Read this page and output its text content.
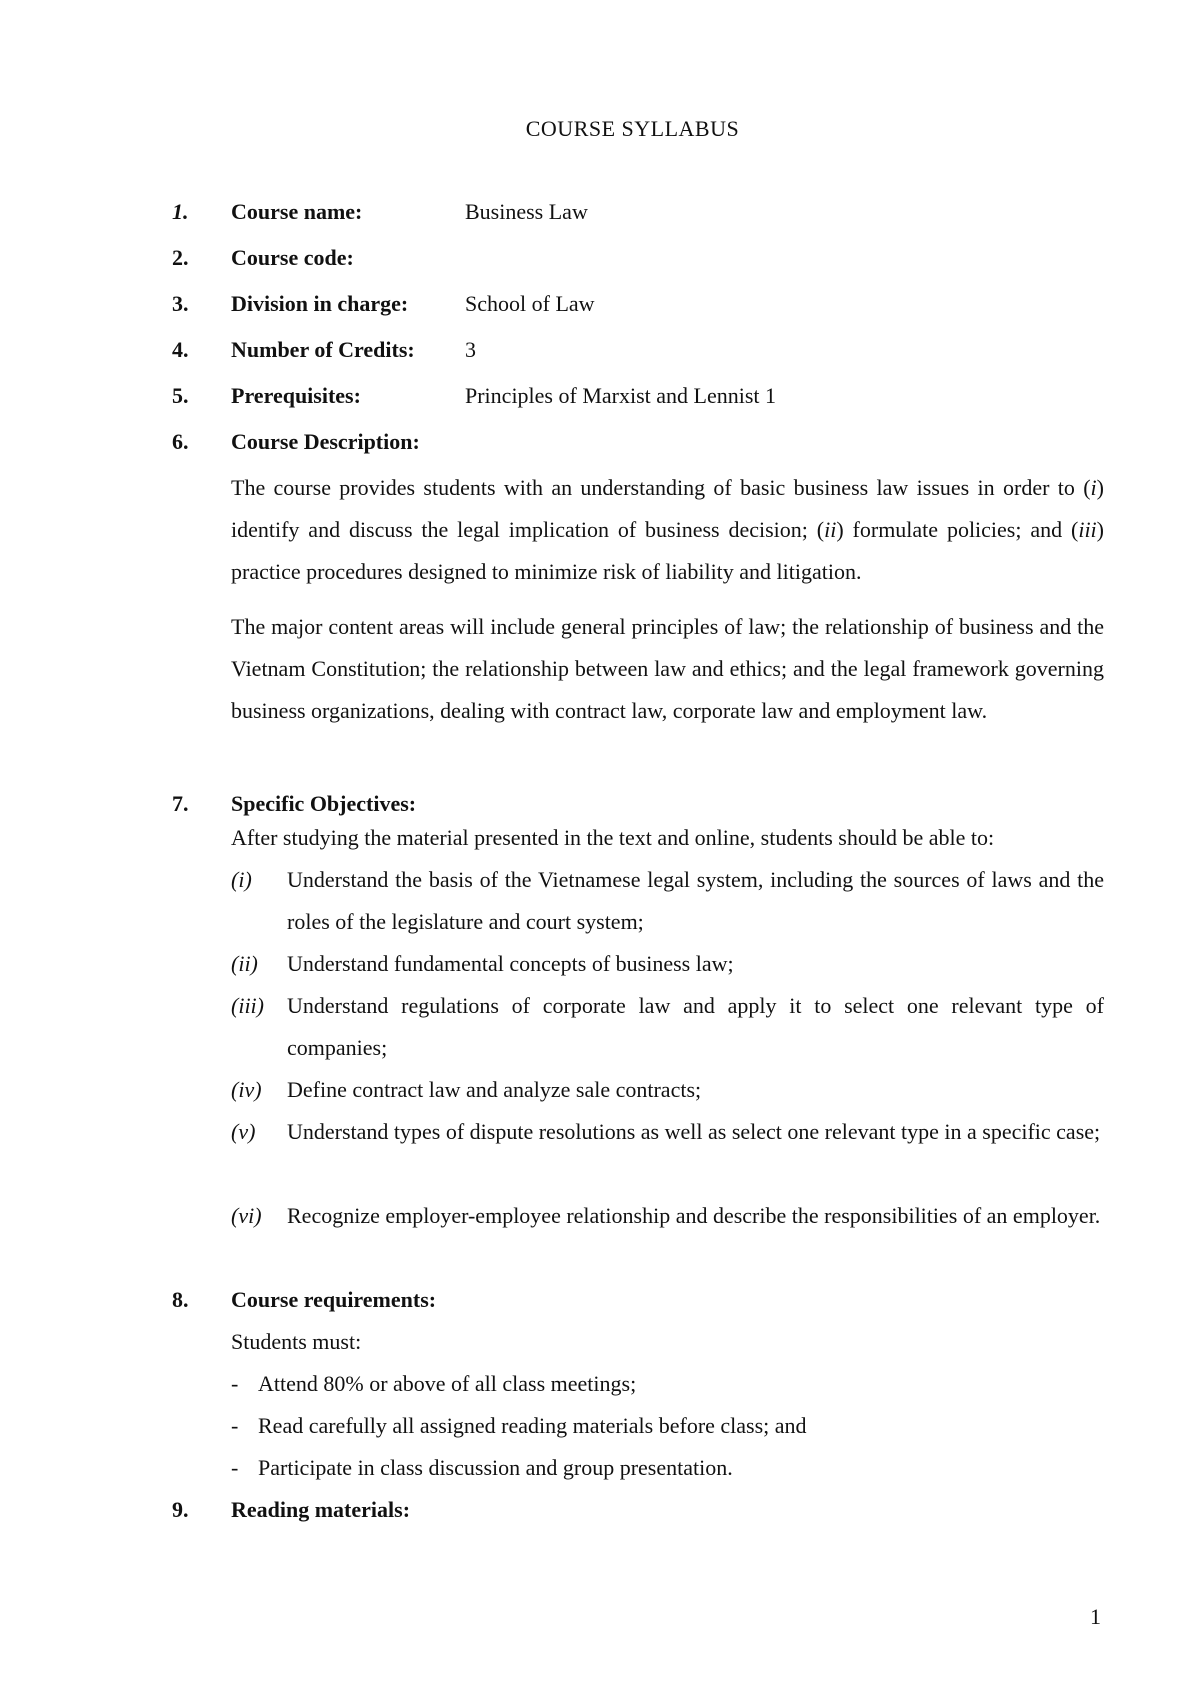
COURSE SYLLABUS
1. Course name:	Business Law
2. Course code:
3. Division in charge:	School of Law
4. Number of Credits: 3
5. Prerequisites:	Principles of Marxist and Lennist 1
6. Course Description:

The course provides students with an understanding of basic business law issues in order to (i) identify and discuss the legal implication of business decision; (ii) formulate policies; and (iii) practice procedures designed to minimize risk of liability and litigation.

The major content areas will include general principles of law; the relationship of business and the Vietnam Constitution; the relationship between law and ethics; and the legal framework governing business organizations, dealing with contract law, corporate law and employment law.

7. Specific Objectives:
After studying the material presented in the text and online, students should be able to:
(i) Understand the basis of the Vietnamese legal system, including the sources of laws and the roles of the legislature and court system;
(ii) Understand fundamental concepts of business law;
(iii) Understand regulations of corporate law and apply it to select one relevant type of companies;
(iv) Define contract law and analyze sale contracts;
(v) Understand types of dispute resolutions as well as select one relevant type in a specific case;
(vi) Recognize employer-employee relationship and describe the responsibilities of an employer.
8. Course requirements:
Students must:
- Attend 80% or above of all class meetings;
- Read carefully all assigned reading materials before class; and
- Participate in class discussion and group presentation.
9. Reading materials:
1
